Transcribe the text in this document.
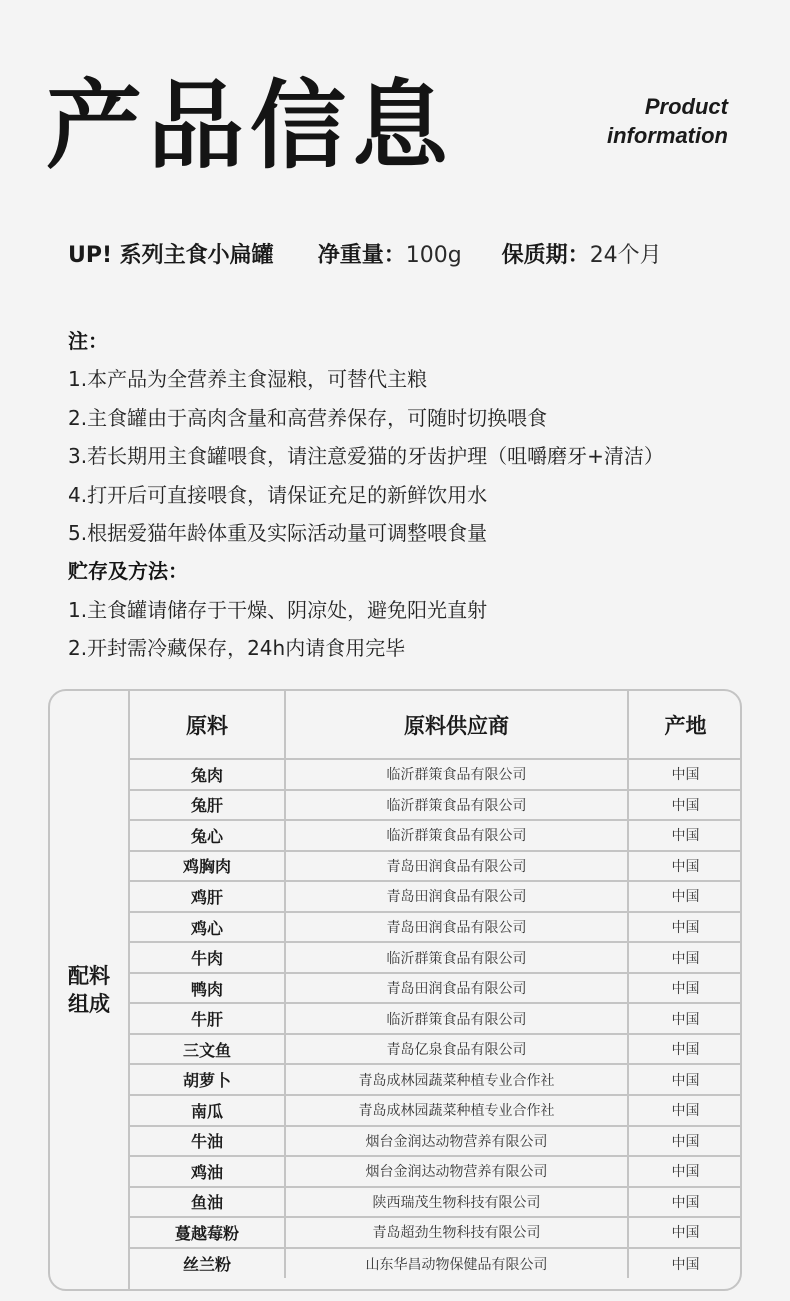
产品信息	Product
information
UP! 系列主食小扁罐 净重量：100g 保质期：24个月
注：
1.本产品为全营养主食湿粮，可替代主粮
2.主食罐由于高肉含量和高营养保存，可随时切换喂食
3.若长期用主食罐喂食，请注意爱猫的牙齿护理（咀嚼磨牙+清洁）
4.打开后可直接喂食，请保证充足的新鲜饮用水
5.根据爱猫年龄体重及实际活动量可调整喂食量
贮存及方法：
1.主食罐请储存于干燥、阴凉处，避免阳光直射
2.开封需冷藏保存，24h内请食用完毕
配料组成
原料	原料供应商	产地
兔肉	临沂群策食品有限公司	中国
兔肝	临沂群策食品有限公司	中国
兔心	临沂群策食品有限公司	中国
鸡胸肉	青岛田润食品有限公司	中国
鸡肝	青岛田润食品有限公司	中国
鸡心	青岛田润食品有限公司	中国
牛肉	临沂群策食品有限公司	中国
鸭肉	青岛田润食品有限公司	中国
牛肝	临沂群策食品有限公司	中国
三文鱼	青岛亿泉食品有限公司	中国
胡萝卜	青岛成林园蔬菜种植专业合作社	中国
南瓜	青岛成林园蔬菜种植专业合作社	中国
牛油	烟台金润达动物营养有限公司	中国
鸡油	烟台金润达动物营养有限公司	中国
鱼油	陕西瑞茂生物科技有限公司	中国
蔓越莓粉	青岛超劲生物科技有限公司	中国
丝兰粉	山东华昌动物保健品有限公司	中国
